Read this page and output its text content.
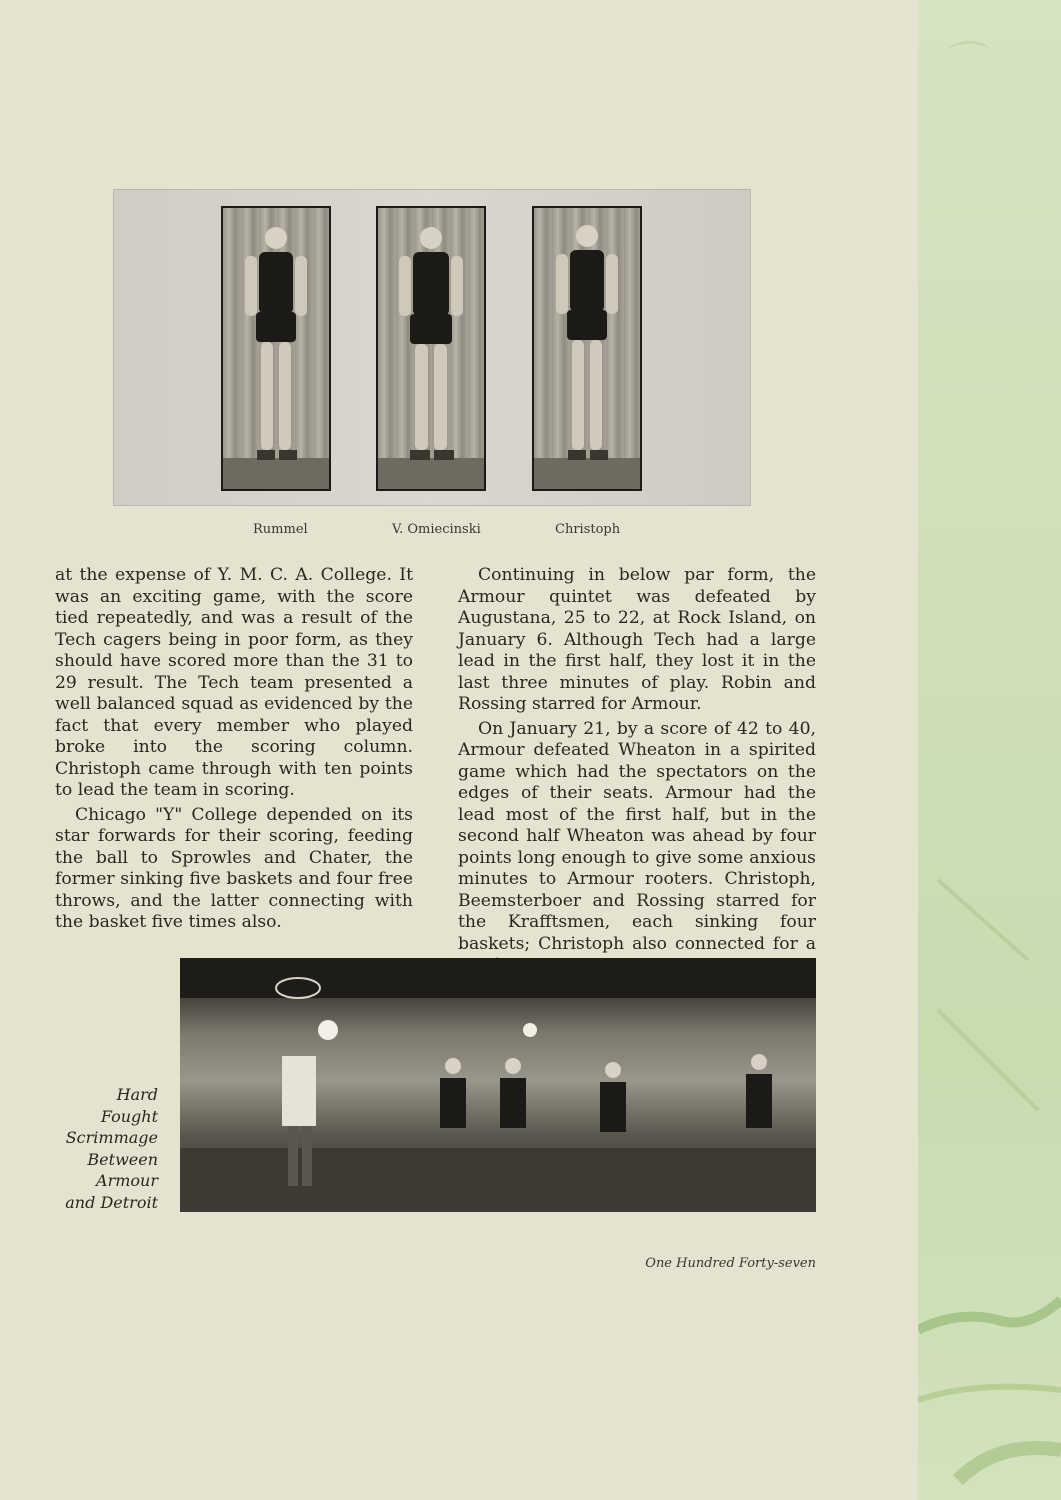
⌒
Rummel	V. Omiecinski	Christoph

at the expense of Y. M. C. A. College. It was an exciting game, with the score tied repeatedly, and was a result of the Tech cagers being in poor form, as they should have scored more than the 31 to 29 result. The Tech team presented a well balanced squad as evidenced by the fact that every member who played broke into the scoring column. Christoph came through with ten points to lead the team in scoring.

Chicago "Y" College depended on its star forwards for their scoring, feeding the ball to Sprowles and Chater, the former sinking five baskets and four free throws, and the latter connecting with the basket five times also.

Continuing in below par form, the Armour quintet was defeated by Augustana, 25 to 22, at Rock Island, on January 6. Although Tech had a large lead in the first half, they lost it in the last three minutes of play. Robin and Rossing starred for Armour.

On January 21, by a score of 42 to 40, Armour defeated Wheaton in a spirited game which had the spectators on the edges of their seats. Armour had the lead most of the first half, but in the second half Wheaton was ahead by four points long enough to give some anxious minutes to Armour rooters. Christoph, Beemsterboer and Rossing starred for the Krafftsmen, each sinking four baskets; Christoph also connected for a

Hard
Fought
Scrimmage
Between
Armour
and Detroit
One Hundred Forty-seven
